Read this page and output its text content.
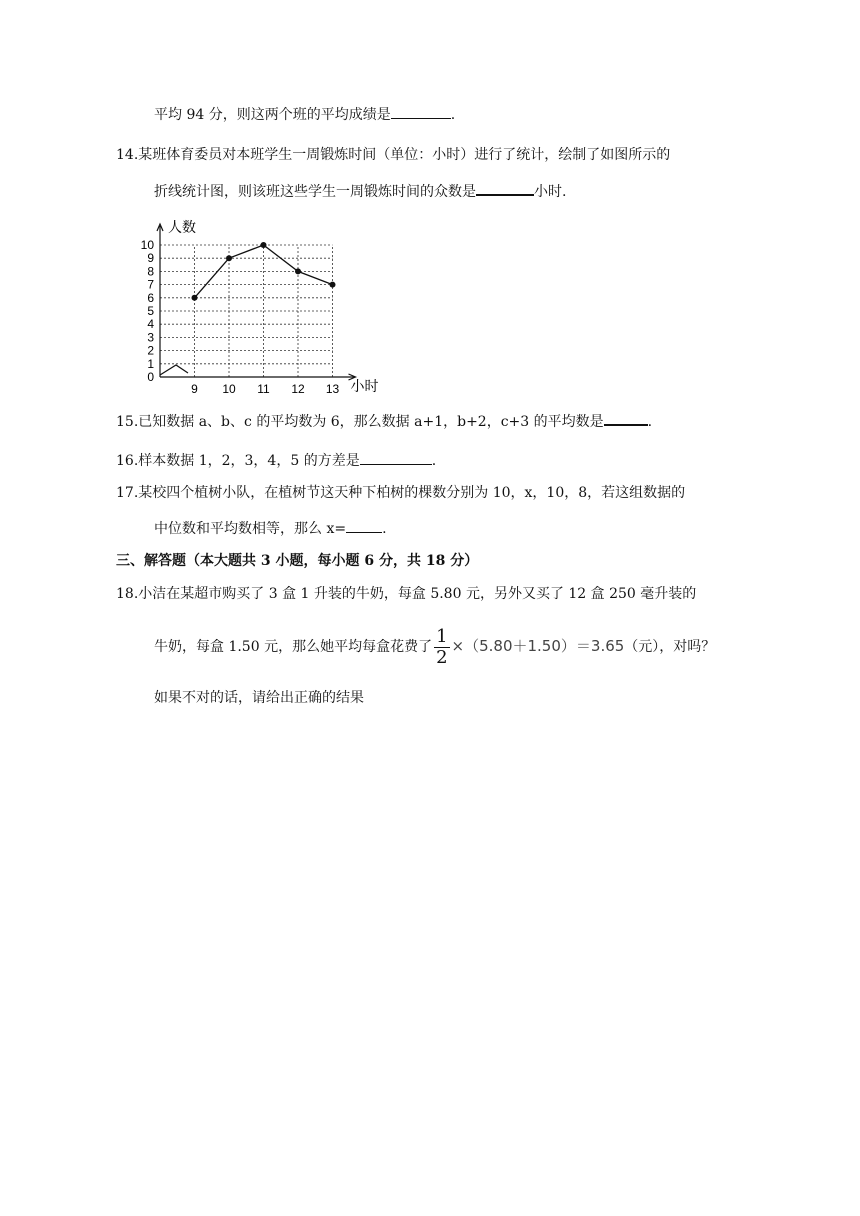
平均 94 分，则这两个班的平均成绩是	.
14.某班体育委员对本班学生一周锻炼时间（单位：小时）进行了统计，绘制了如图所示的
折线统计图，则该班这些学生一周锻炼时间的众数是	小时.
0
1
2
3
4
5
6
7
8
9
10
9 10 11 12 13
人数
小时
15.已知数据 a、b、c 的平均数为 6，那么数据 a+1，b+2，c+3 的平均数是	.
16.样本数据 1，2，3，4，5 的方差是	.
17.某校四个植树小队，在植树节这天种下柏树的棵数分别为 10，x，10，8，若这组数据的
中位数和平均数相等，那么 x=	.
三、解答题（本大题共 3 小题，每小题 6 分，共 18 分）
18.小洁在某超市购买了 3 盒 1 升装的牛奶，每盒 5.80 元，另外又买了 12 盒 250 毫升装的
牛奶，每盒 1.50 元，那么她平均每盒花费了 $\frac{1}{2} \times(5.80+1.50)=3.65$（元），对吗？
如果不对的话，请给出正确的结果
